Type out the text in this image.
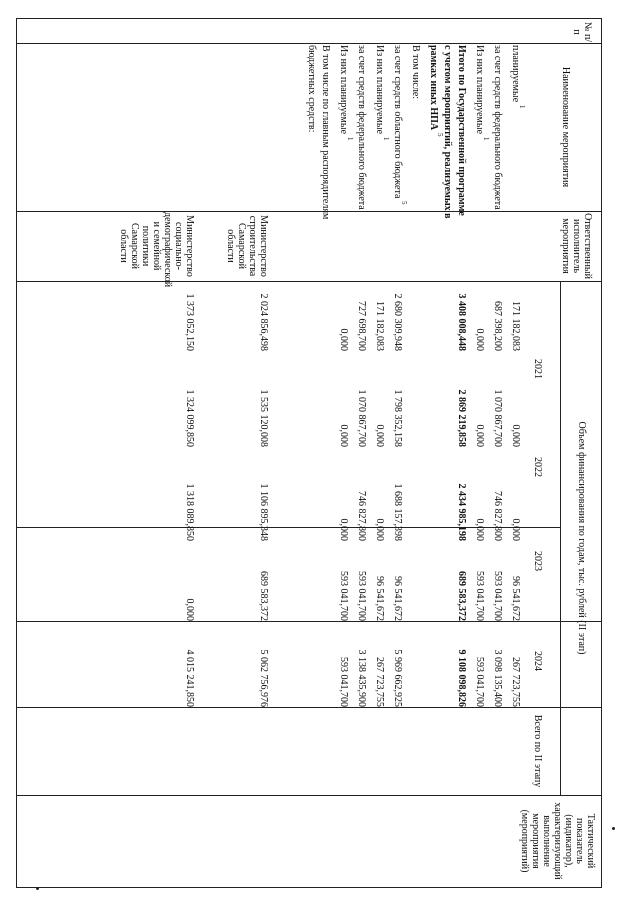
№ п/п
Наименование мероприятия
Ответственный исполнитель мероприятия
Объем финансирования по годам, тыс. рублей (II этап)
2021
2022
2023
2024
Всего по II этапу
Тактический показатель (индикатор), характеризующий выполнение мероприятия (мероприятий)
планируемые
1
171 182,083
0,000
0,000
96 541,672
267 723,755
за счет средств федерального бюджета
687 398,200
1 070 867,700
746 827,800
593 041,700
3 098 135,400
Из них планируемые
1
0,000
0,000
0,000
593 041,700
593 041,700
Итого по Государственной программе
3 408 008,448
2 869 219,858
2 434 985,198
689 583,372
9 108 098,826
с учетом мероприятий, реализуемых в
рамках иных НПА
5
В том числе:
за счет средств областного бюджета
5
2 680 309,948
1 798 352,158
1 688 157,398
96 541,672
5 969 662,925
Из них планируемые
1
171 182,083
0,000
0,000
96 541,672
267 723,755
за счет средств федерального бюджета
727 698,700
1 070 867,700
746 827,800
593 041,700
3 138 435,900
Из них планируемые
1
0,000
0,000
0,000
593 041,700
593 041,700
В том числе по главным распорядителям
бюджетных средств:
Министерство строительства Самарской области
2 024 856,498
1 535 120,008
1 106 895,348
689 583,372
5 062 756,976
Министерство социально-демографической и семейной политики Самарской области
1 373 052,150
1 324 099,850
1 318 089,850
0,000
4 015 241,850
